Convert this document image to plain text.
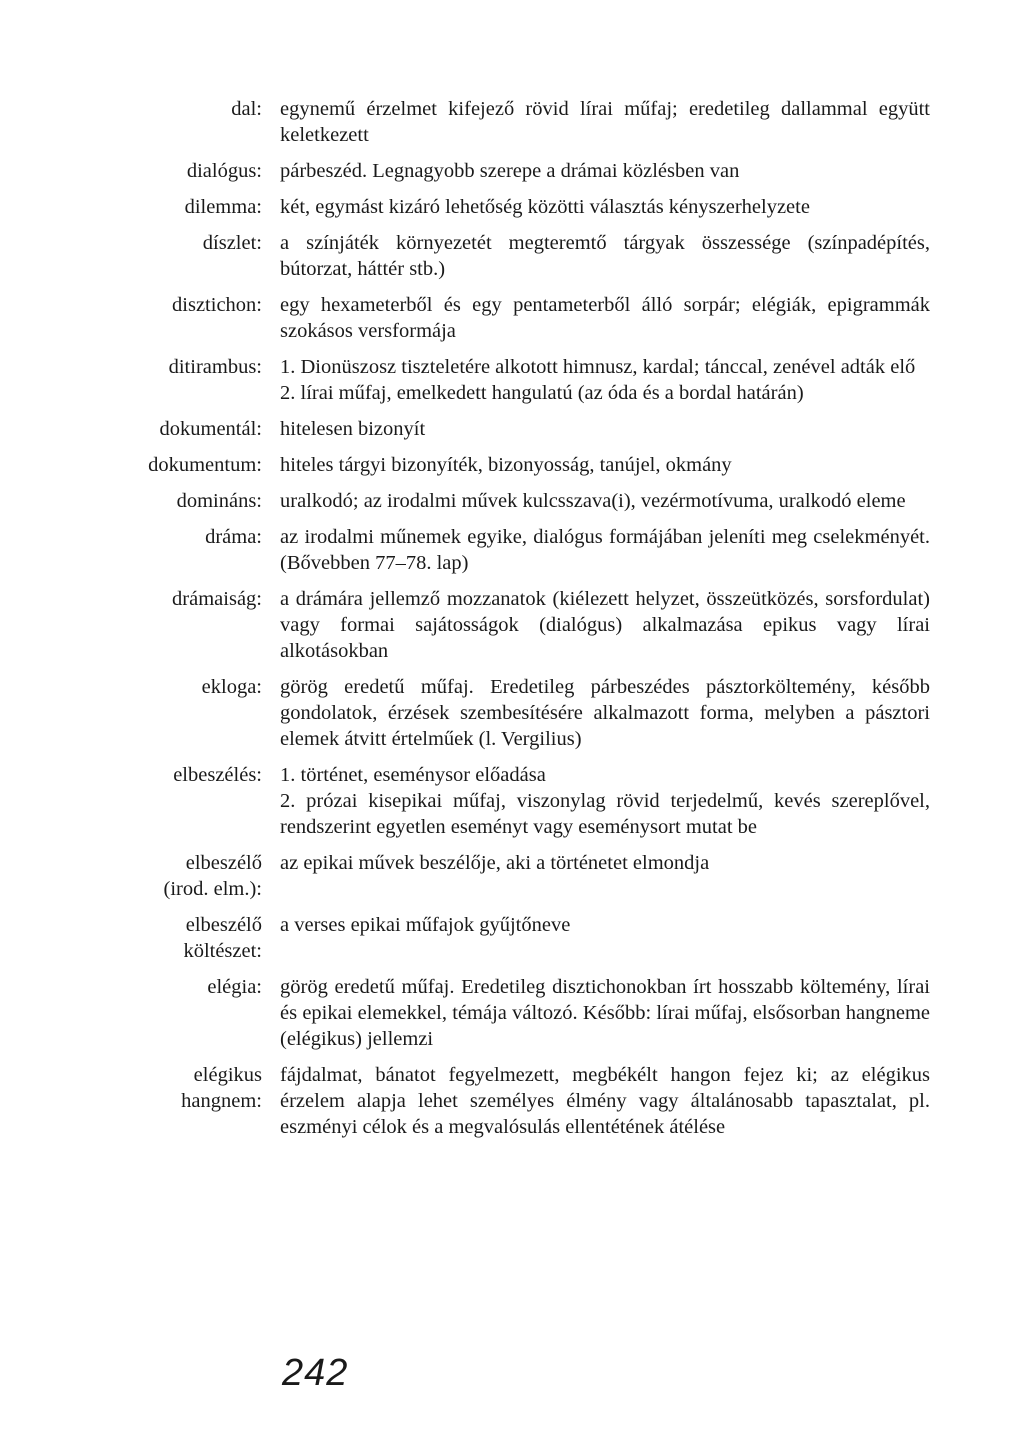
dal: egynemű érzelmet kifejező rövid lírai műfaj; eredetileg dallammal együtt keletkezett

dialógus: párbeszéd. Legnagyobb szerepe a drámai közlésben van

dilemma: két, egymást kizáró lehetőség közötti választás kényszerhelyzete

díszlet: a színjáték környezetét megteremtő tárgyak összessége (színpadépítés, bútorzat, háttér stb.)

disztichon: egy hexameterből és egy pentameterből álló sorpár; elégiák, epigrammák szokásos versformája

ditirambus: 1. Dionüszosz tiszteletére alkotott himnusz, kardal; tánccal, zenével adták elő

2. lírai műfaj, emelkedett hangulatú (az óda és a bordal határán)

dokumentál: hitelesen bizonyít

dokumentum: hiteles tárgyi bizonyíték, bizonyosság, tanújel, okmány

domináns: uralkodó; az irodalmi művek kulcsszava(i), vezérmotívuma, uralkodó eleme

dráma: az irodalmi műnemek egyike, dialógus formájában jeleníti meg cselekményét. (Bővebben 77–78. lap)

drámaiság: a drámára jellemző mozzanatok (kiélezett helyzet, összeütközés, sorsfordulat) vagy formai sajátosságok (dialógus) alkalmazása epikus vagy lírai alkotásokban

ekloga: görög eredetű műfaj. Eredetileg párbeszédes pásztorköltemény, később gondolatok, érzések szembesítésére alkalmazott forma, melyben a pásztori elemek átvitt értelműek (l. Vergilius)

elbeszélés: 1. történet, eseménysor előadása

2. prózai kisepikai műfaj, viszonylag rövid terjedelmű, kevés szereplővel, rendszerint egyetlen eseményt vagy eseménysort mutat be

elbeszélő
(irod. elm.):

az epikai művek beszélője, aki a történetet elmondja

elbeszélő
költészet:

a verses epikai műfajok gyűjtőneve

elégia: görög eredetű műfaj. Eredetileg disztichonokban írt hosszabb költemény, lírai és epikai elemekkel, témája változó. Később: lírai műfaj, elsősorban hangneme (elégikus) jellemzi

elégikus
hangnem:

fájdalmat, bánatot fegyelmezett, megbékélt hangon fejez ki; az elégikus érzelem alapja lehet személyes élmény vagy általánosabb tapasztalat, pl. eszményi célok és a megvalósulás ellentétének átélése

242
